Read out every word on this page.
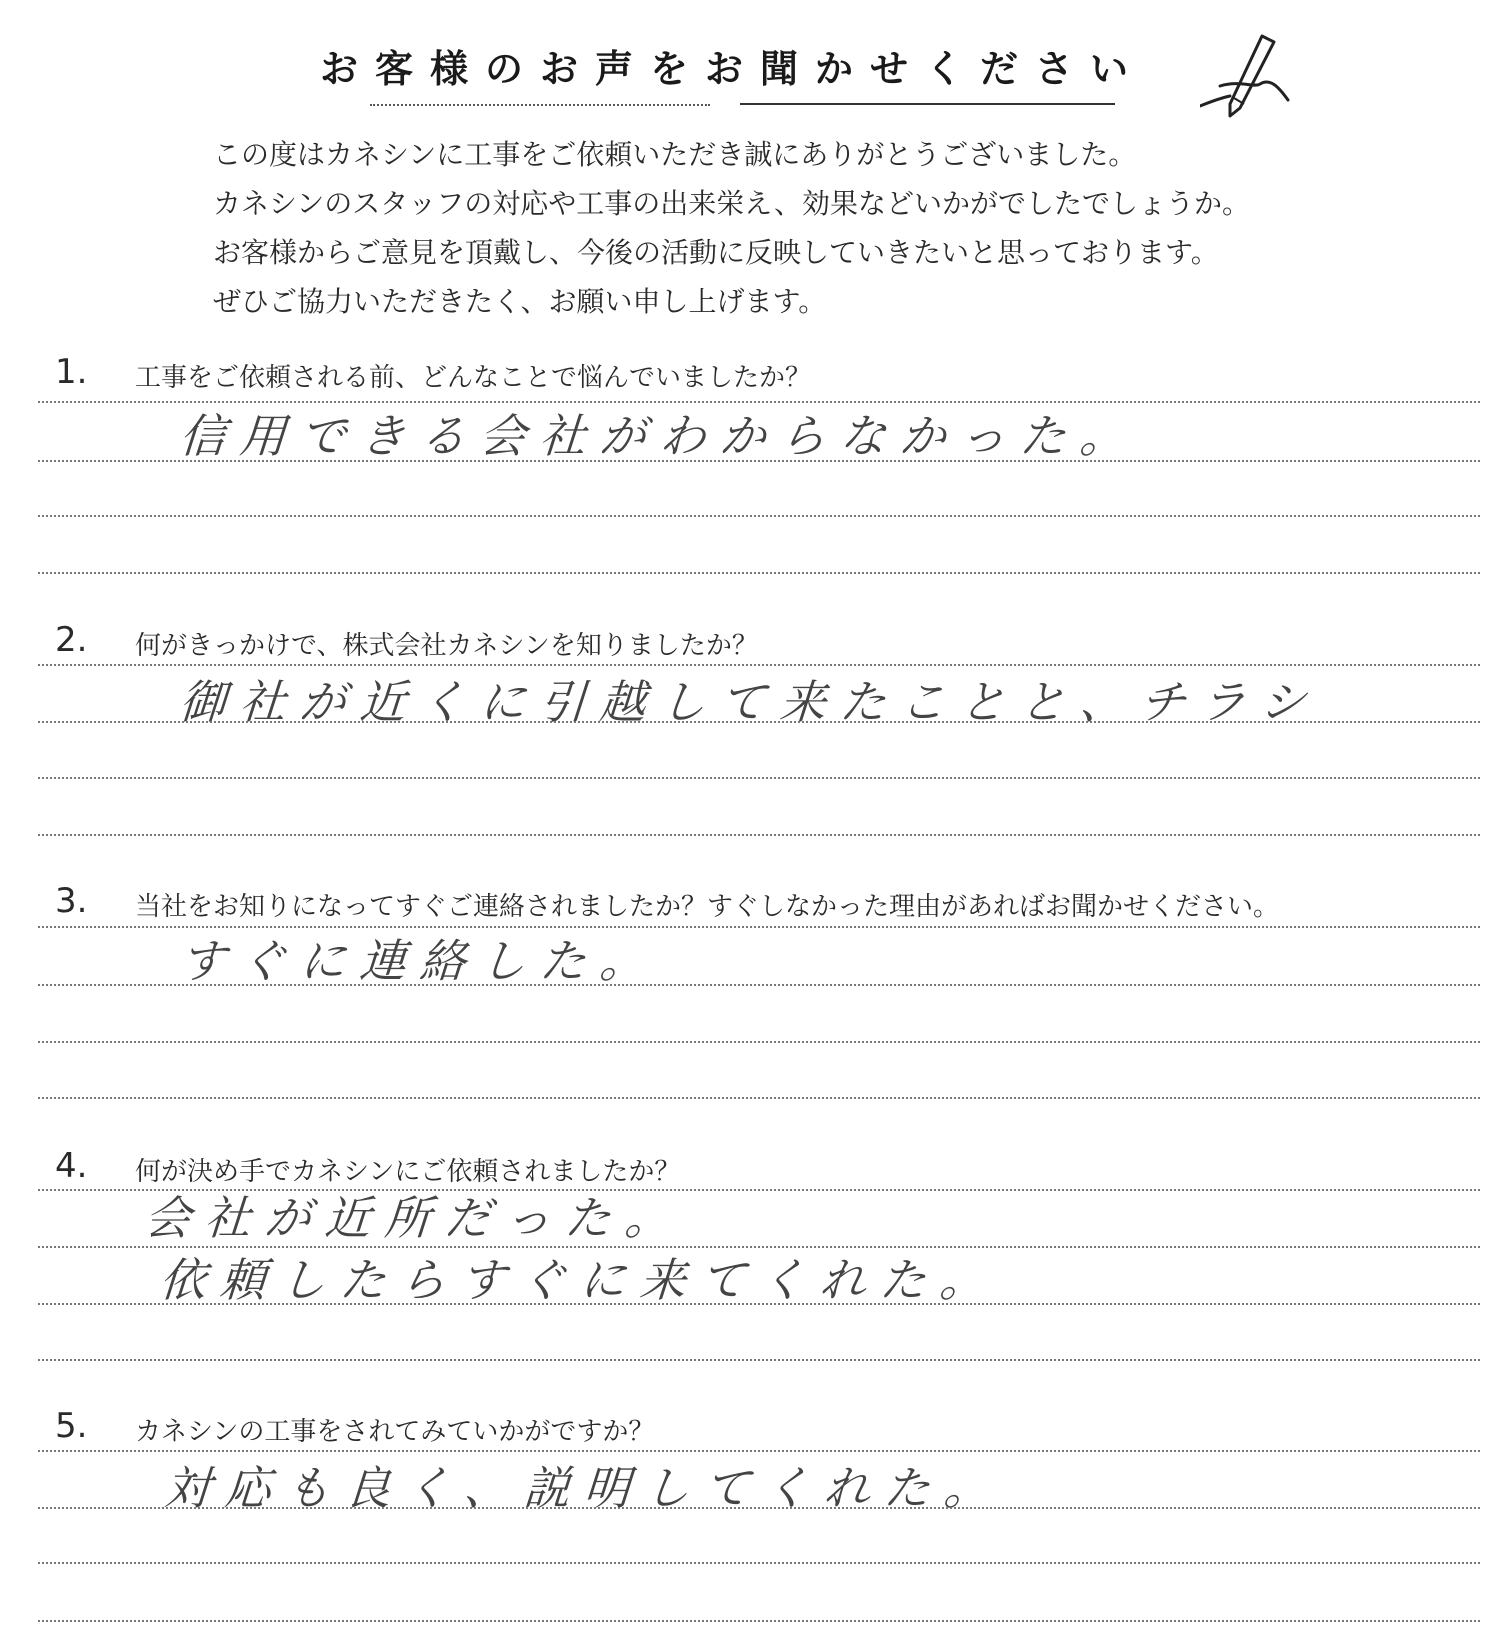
お客様のお声をお聞かせください
この度はカネシンに工事をご依頼いただき誠にありがとうございました。
カネシンのスタッフの対応や工事の出来栄え、効果などいかがでしたでしょうか。
お客様からご意見を頂戴し、今後の活動に反映していきたいと思っております。
ぜひご協力いただきたく、お願い申し上げます。
1. 工事をご依頼される前、どんなことで悩んでいましたか？
信用できる会社がわからなかった。
2. 何がきっかけで、株式会社カネシンを知りましたか？
御社が近くに引越して来たことと、チラシ
3. 当社をお知りになってすぐご連絡されましたか？すぐしなかった理由があればお聞かせください。
すぐに連絡した。
4. 何が決め手でカネシンにご依頼されましたか？
会社が近所だった。
依頼したらすぐに来てくれた。
5. カネシンの工事をされてみていかがですか？
対応も良く、説明してくれた。
